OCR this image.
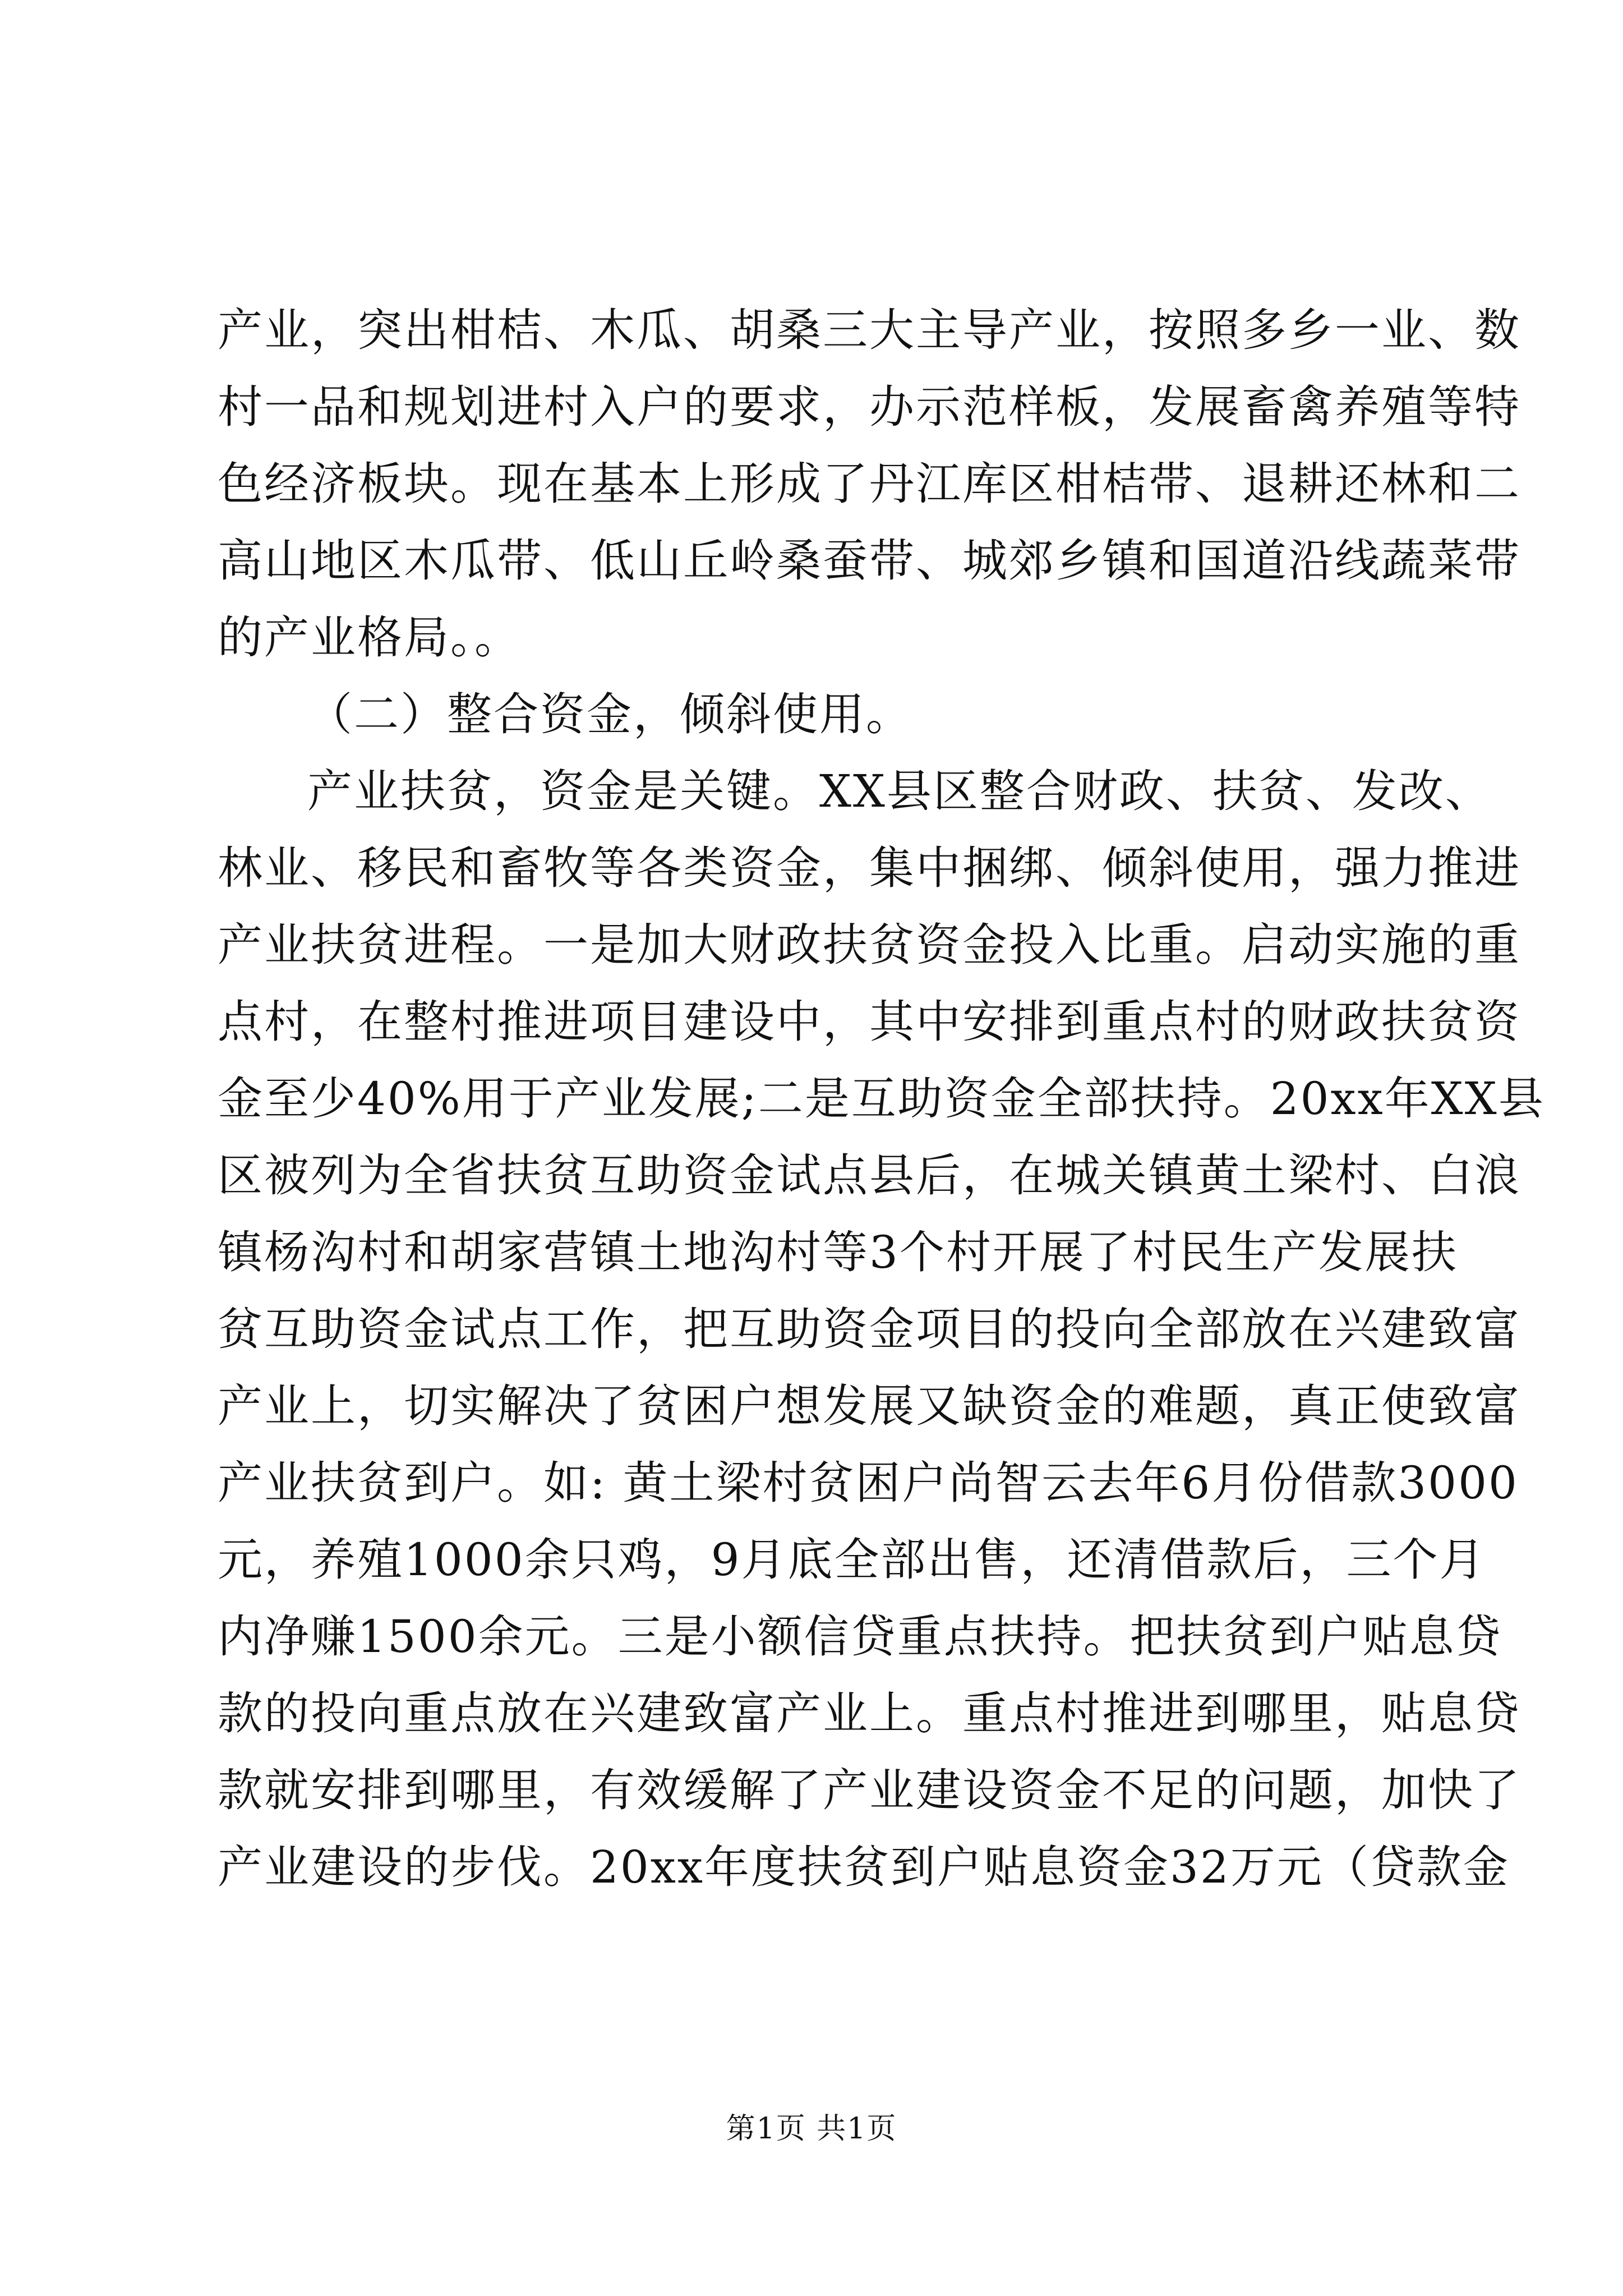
产业，突出柑桔、木瓜、胡桑三大主导产业，按照多乡一业、数
村一品和规划进村入户的要求，办示范样板，发展畜禽养殖等特
色经济板块。现在基本上形成了丹江库区柑桔带、退耕还林和二
高山地区木瓜带、低山丘岭桑蚕带、城郊乡镇和国道沿线蔬菜带
的产业格局。。
（二）整合资金，倾斜使用。
产业扶贫，资金是关键。XX县区整合财政、扶贫、发改、
林业、移民和畜牧等各类资金，集中捆绑、倾斜使用，强力推进
产业扶贫进程。一是加大财政扶贫资金投入比重。启动实施的重
点村，在整村推进项目建设中，其中安排到重点村的财政扶贫资
金至少40%用于产业发展;二是互助资金全部扶持。20xx年XX县
区被列为全省扶贫互助资金试点县后，在城关镇黄土梁村、白浪
镇杨沟村和胡家营镇土地沟村等3个村开展了村民生产发展扶
贫互助资金试点工作，把互助资金项目的投向全部放在兴建致富
产业上，切实解决了贫困户想发展又缺资金的难题，真正使致富
产业扶贫到户。如: 黄土梁村贫困户尚智云去年6月份借款3000
元，养殖1000余只鸡，9月底全部出售，还清借款后，三个月
内净赚1500余元。三是小额信贷重点扶持。把扶贫到户贴息贷
款的投向重点放在兴建致富产业上。重点村推进到哪里，贴息贷
款就安排到哪里，有效缓解了产业建设资金不足的问题，加快了
产业建设的步伐。20xx年度扶贫到户贴息资金32万元（贷款金
第1页 共1页
